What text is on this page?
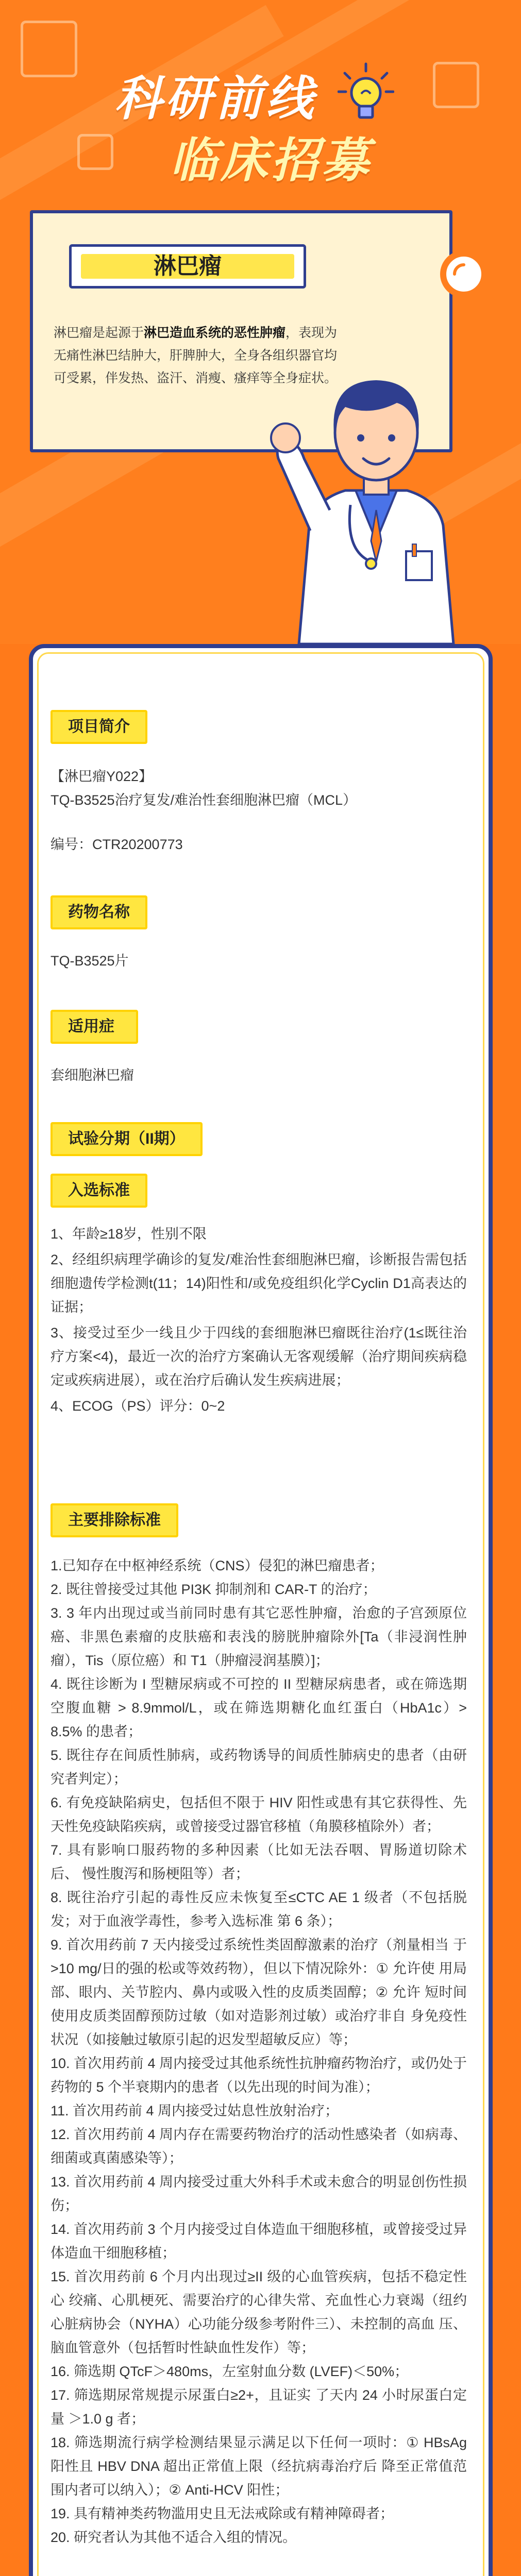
科研前线
临床招募
淋巴瘤
淋巴瘤是起源于淋巴造血系统的恶性肿瘤，表现为无痛性淋巴结肿大，肝脾肿大，全身各组织器官均可受累，伴发热、盗汗、消瘦、瘙痒等全身症状。
项目简介
【淋巴瘤Y022】
TQ-B3525治疗复发/难治性套细胞淋巴瘤（MCL）
编号：CTR20200773
药物名称
TQ-B3525片
适用症
套细胞淋巴瘤
试验分期（II期）
入选标准
1、年龄≥18岁，性别不限
2、经组织病理学确诊的复发/难治性套细胞淋巴瘤，诊断报告需包括细胞遗传学检测t(11；14)阳性和/或免疫组织化学Cyclin D1高表达的证据；
3、接受过至少一线且少于四线的套细胞淋巴瘤既往治疗(1≤既往治疗方案<4)，最近一次的治疗方案确认无客观缓解（治疗期间疾病稳定或疾病进展），或在治疗后确认发生疾病进展；
4、ECOG（PS）评分：0~2
主要排除标准
1.已知存在中枢神经系统（CNS）侵犯的淋巴瘤患者；
2. 既往曾接受过其他 PI3K 抑制剂和 CAR-T 的治疗；
3. 3 年内出现过或当前同时患有其它恶性肿瘤，治愈的子宫颈原位 癌、非黑色素瘤的皮肤癌和表浅的膀胱肿瘤除外[Ta（非浸润性肿 瘤），Tis（原位癌）和 T1（肿瘤浸润基膜）]；
4. 既往诊断为 I 型糖尿病或不可控的 II 型糖尿病患者，或在筛选期 空腹血糖 > 8.9mmol/L，或在筛选期糖化血红蛋白（HbA1c）> 8.5% 的患者；
5. 既往存在间质性肺病，或药物诱导的间质性肺病史的患者（由研 究者判定）；
6. 有免疫缺陷病史，包括但不限于 HIV 阳性或患有其它获得性、先 天性免疫缺陷疾病，或曾接受过器官移植（角膜移植除外）者；
7. 具有影响口服药物的多种因素（比如无法吞咽、胃肠道切除术后、 慢性腹泻和肠梗阻等）者；
8. 既往治疗引起的毒性反应未恢复至≤CTC AE 1 级者（不包括脱发；对于血液学毒性，参考入选标准 第 6 条）；
9. 首次用药前 7 天内接受过系统性类固醇激素的治疗（剂量相当 于>10 mg/日的强的松或等效药物），但以下情况除外：① 允许使 用局部、眼内、关节腔内、鼻内或吸入性的皮质类固醇；② 允许 短时间使用皮质类固醇预防过敏（如对造影剂过敏）或治疗非自 身免疫性状况（如接触过敏原引起的迟发型超敏反应）等；
10. 首次用药前 4 周内接受过其他系统性抗肿瘤药物治疗，或仍处于 药物的 5 个半衰期内的患者（以先出现的时间为准）；
11. 首次用药前 4 周内接受过姑息性放射治疗；
12. 首次用药前 4 周内存在需要药物治疗的活动性感染者（如病毒、 细菌或真菌感染等）；
13. 首次用药前 4 周内接受过重大外科手术或未愈合的明显创伤性损 伤；
14. 首次用药前 3 个月内接受过自体造血干细胞移植，或曾接受过异 体造血干细胞移植；
15. 首次用药前 6 个月内出现过≥II 级的心血管疾病，包括不稳定性心 绞痛、心肌梗死、需要治疗的心律失常、充血性心力衰竭（纽约 心脏病协会（NYHA）心功能分级参考附件三）、未控制的高血 压、脑血管意外（包括暂时性缺血性发作）等；
16. 筛选期 QTcF＞480ms，左室射血分数 (LVEF)＜50%；
17. 筛选期尿常规提示尿蛋白≥2+，且证实 了天内 24 小时尿蛋白定量 ＞1.0 g 者；
18. 筛选期流行病学检测结果显示满足以下任何一项时：① HBsAg 阳性且 HBV DNA 超出正常值上限（经抗病毒治疗后 降至正常值范围内者可以纳入）；② Anti-HCV 阳性；
19. 具有精神类药物滥用史且无法戒除或有精神障碍者；
20. 研究者认为其他不适合入组的情况。
